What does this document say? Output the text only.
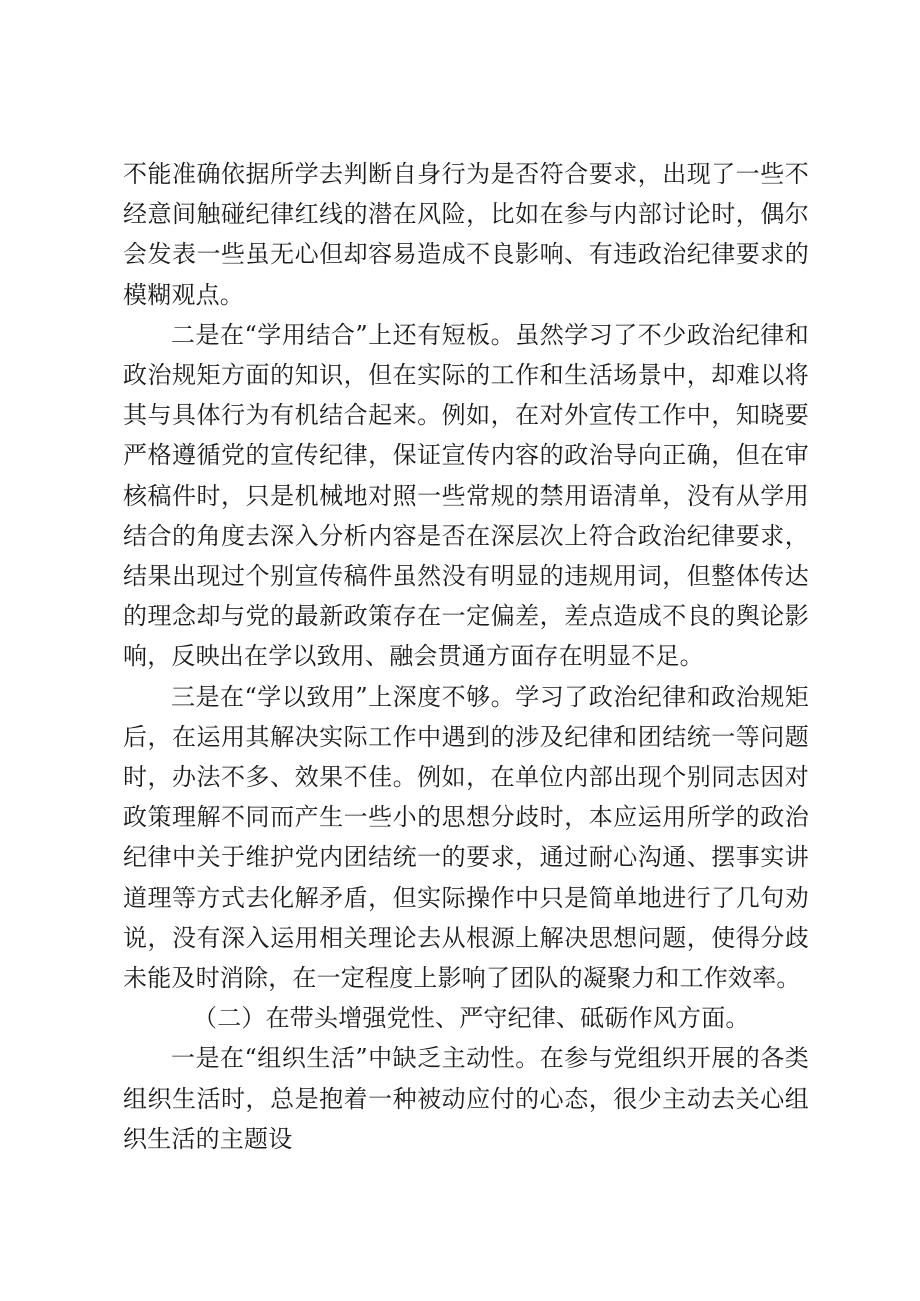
不能准确依据所学去判断自身行为是否符合要求，出现了一些不经意间触碰纪律红线的潜在风险，比如在参与内部讨论时，偶尔会发表一些虽无心但却容易造成不良影响、有违政治纪律要求的模糊观点。

二是在“学用结合”上还有短板。虽然学习了不少政治纪律和政治规矩方面的知识，但在实际的工作和生活场景中，却难以将其与具体行为有机结合起来。例如，在对外宣传工作中，知晓要严格遵循党的宣传纪律，保证宣传内容的政治导向正确，但在审核稿件时，只是机械地对照一些常规的禁用语清单，没有从学用结合的角度去深入分析内容是否在深层次上符合政治纪律要求，结果出现过个别宣传稿件虽然没有明显的违规用词，但整体传达的理念却与党的最新政策存在一定偏差，差点造成不良的舆论影响，反映出在学以致用、融会贯通方面存在明显不足。

三是在“学以致用”上深度不够。学习了政治纪律和政治规矩后，在运用其解决实际工作中遇到的涉及纪律和团结统一等问题时，办法不多、效果不佳。例如，在单位内部出现个别同志因对政策理解不同而产生一些小的思想分歧时，本应运用所学的政治纪律中关于维护党内团结统一的要求，通过耐心沟通、摆事实讲道理等方式去化解矛盾，但实际操作中只是简单地进行了几句劝说，没有深入运用相关理论去从根源上解决思想问题，使得分歧未能及时消除，在一定程度上影响了团队的凝聚力和工作效率。

（二）在带头增强党性、严守纪律、砥砺作风方面。

一是在“组织生活”中缺乏主动性。在参与党组织开展的各类组织生活时，总是抱着一种被动应付的心态，很少主动去关心组织生活的主题设
